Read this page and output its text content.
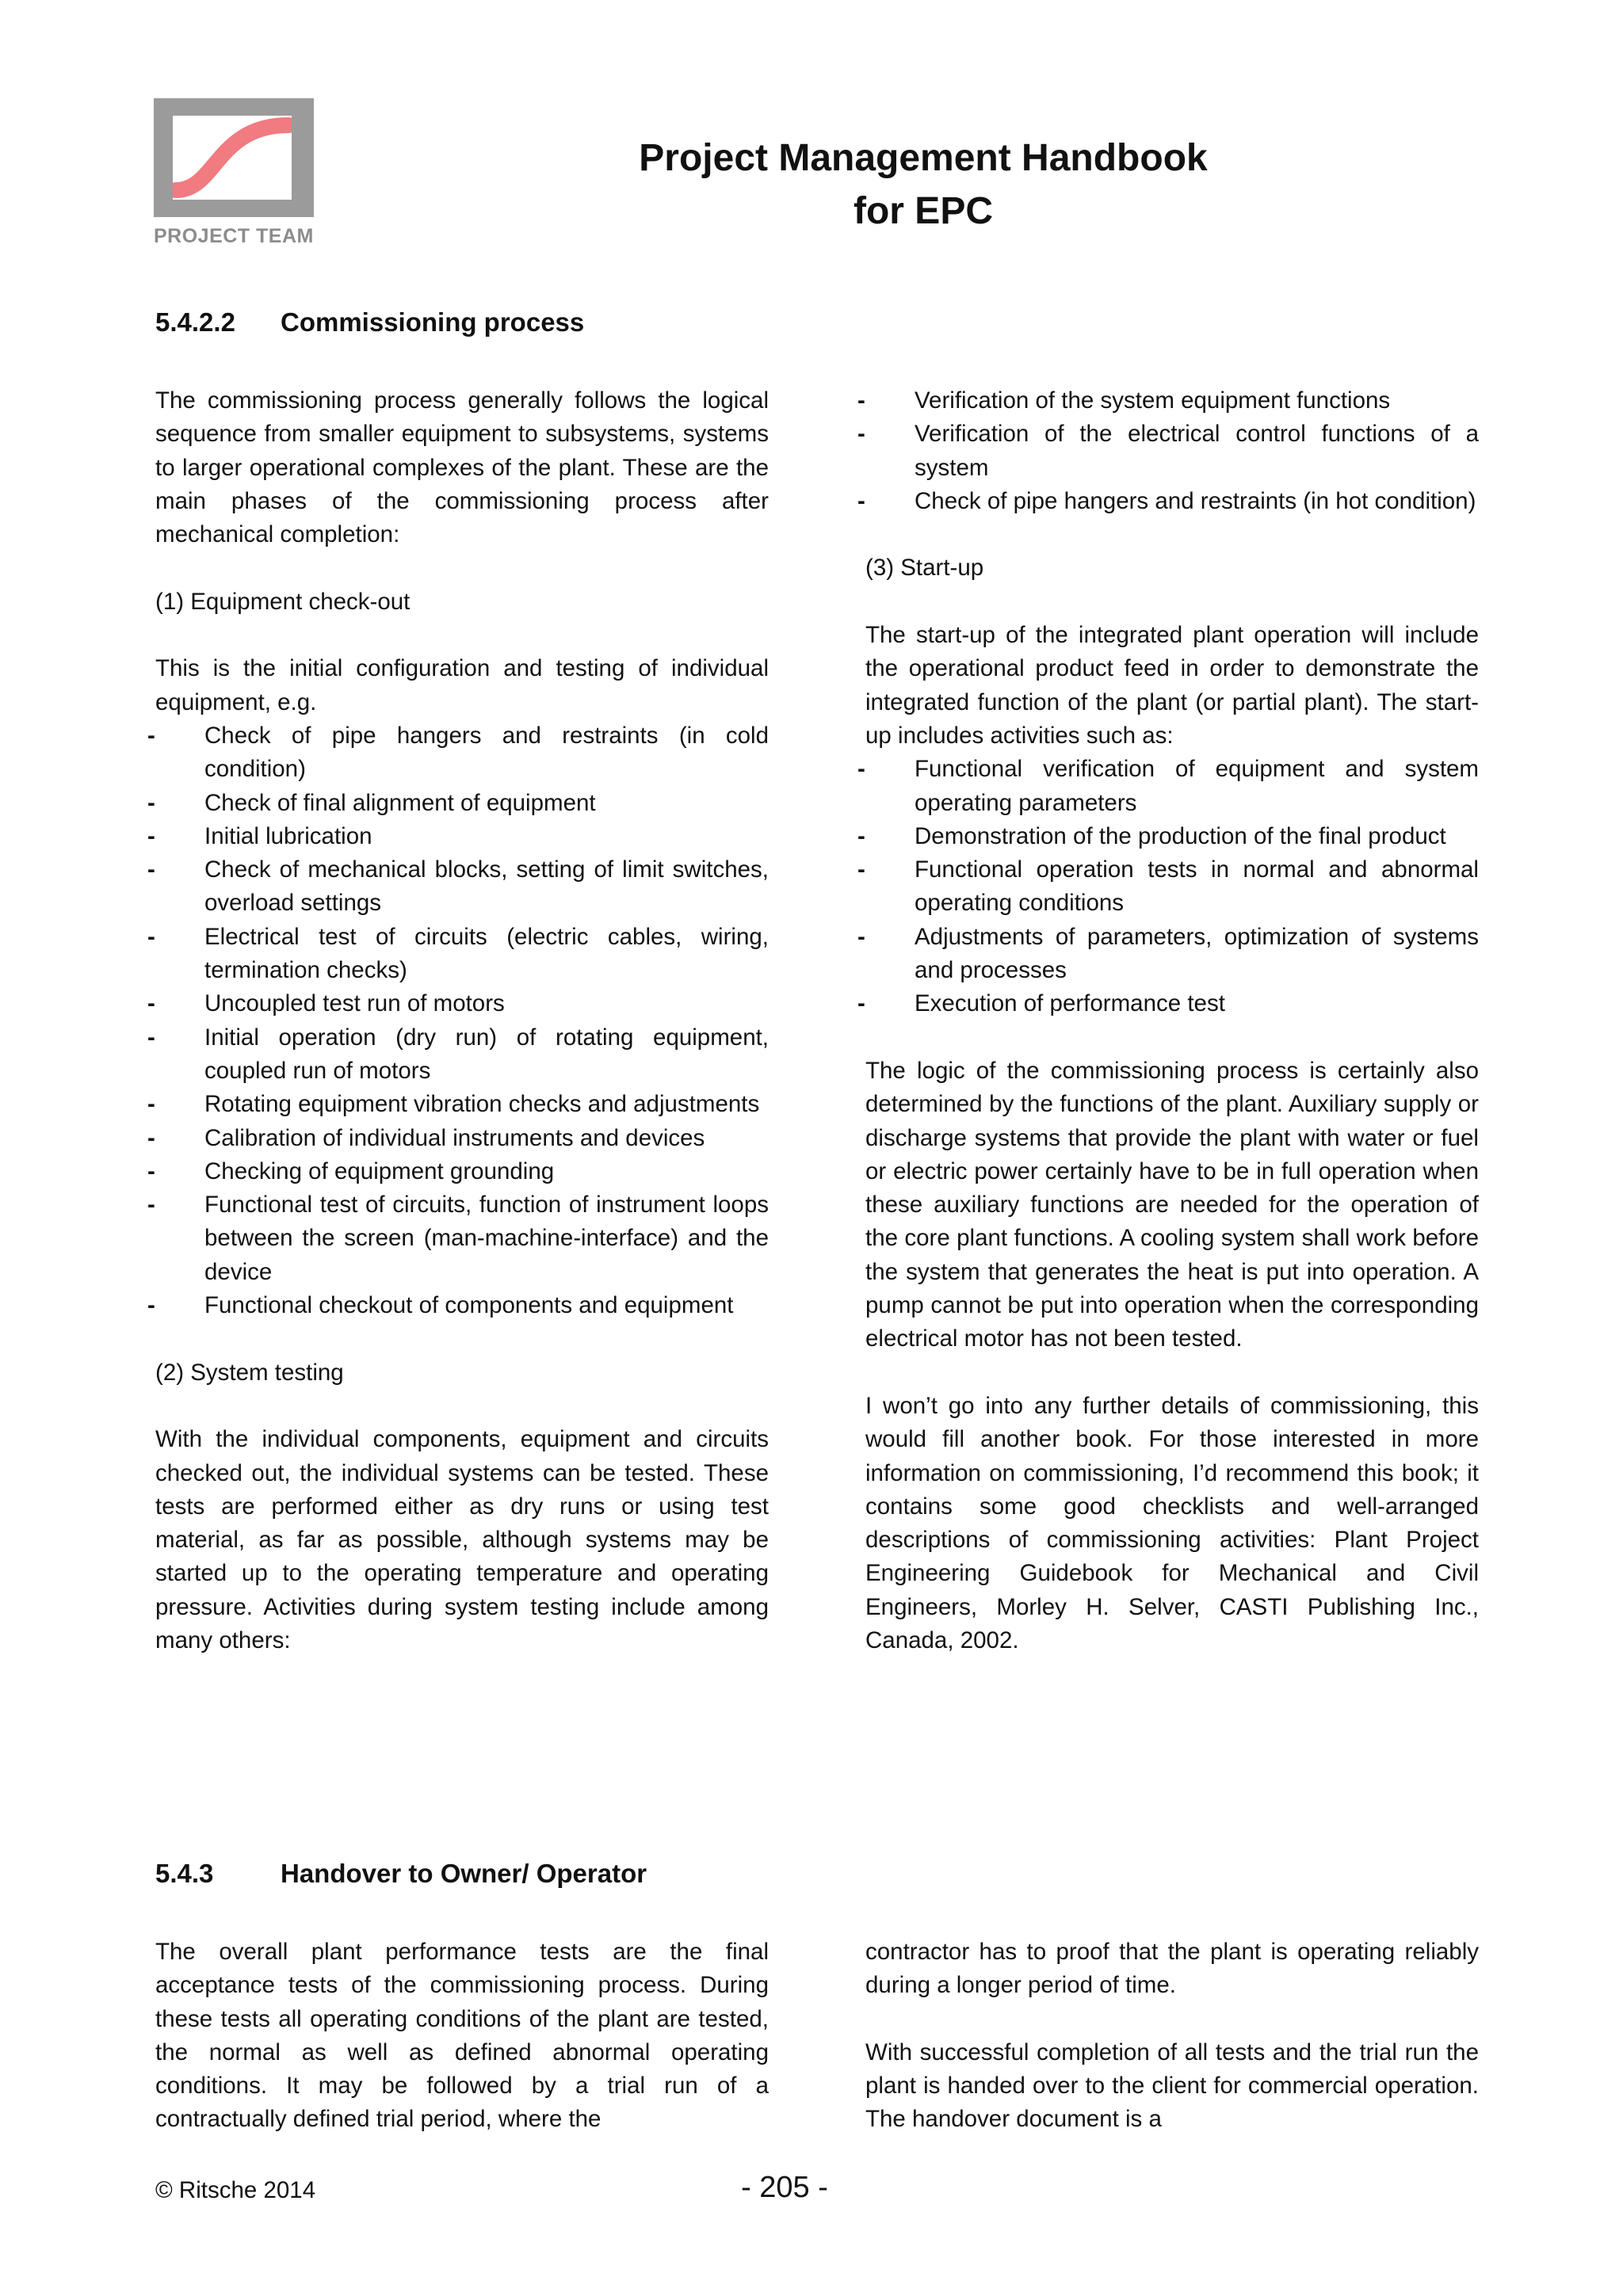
PROJECT TEAM
Project Management Handbook
for EPC
5.4.2.2 Commissioning process

The commissioning process generally follows the logical sequence from smaller equipment to subsystems, systems to larger operational complexes of the plant. These are the main phases of the commissioning process after mechanical completion:

(1) Equipment check-out

This is the initial configuration and testing of individual equipment, e.g.

- Check of pipe hangers and restraints (in cold condition)
- Check of final alignment of equipment
- Initial lubrication
- Check of mechanical blocks, setting of limit switches, overload settings
- Electrical test of circuits (electric cables, wiring, termination checks)
- Uncoupled test run of motors
- Initial operation (dry run) of rotating equipment, coupled run of motors
- Rotating equipment vibration checks and adjustments
- Calibration of individual instruments and devices
- Checking of equipment grounding
- Functional test of circuits, function of instrument loops between the screen (man-machine-interface) and the device
- Functional checkout of components and equipment

(2) System testing

With the individual components, equipment and circuits checked out, the individual systems can be tested. These tests are performed either as dry runs or using test material, as far as possible, although systems may be started up to the operating temperature and operating pressure. Activities during system testing include among many others:

- Verification of the system equipment functions
- Verification of the electrical control functions of a system
- Check of pipe hangers and restraints (in hot condition)

(3) Start-up

The start-up of the integrated plant operation will include the operational product feed in order to demonstrate the integrated function of the plant (or partial plant). The start-up includes activities such as:

- Functional verification of equipment and system operating parameters
- Demonstration of the production of the final product
- Functional operation tests in normal and abnormal operating conditions
- Adjustments of parameters, optimization of systems and processes
- Execution of performance test

The logic of the commissioning process is certainly also determined by the functions of the plant. Auxiliary supply or discharge systems that provide the plant with water or fuel or electric power certainly have to be in full operation when these auxiliary functions are needed for the operation of the core plant functions. A cooling system shall work before the system that generates the heat is put into operation. A pump cannot be put into operation when the corresponding electrical motor has not been tested.

I won’t go into any further details of commissioning, this would fill another book. For those interested in more information on commissioning, I’d recommend this book; it contains some good checklists and well-arranged descriptions of commissioning activities: Plant Project Engineering Guidebook for Mechanical and Civil Engineers, Morley H. Selver, CASTI Publishing Inc., Canada, 2002.

5.4.3	Handover to Owner/ Operator

The overall plant performance tests are the final acceptance tests of the commissioning process. During these tests all operating conditions of the plant are tested, the normal as well as defined abnormal operating conditions. It may be followed by a trial run of a contractually defined trial period, where the

contractor has to proof that the plant is operating reliably during a longer period of time.

With successful completion of all tests and the trial run the plant is handed over to the client for commercial operation. The handover document is a

© Ritsche 2014	- 205 -
